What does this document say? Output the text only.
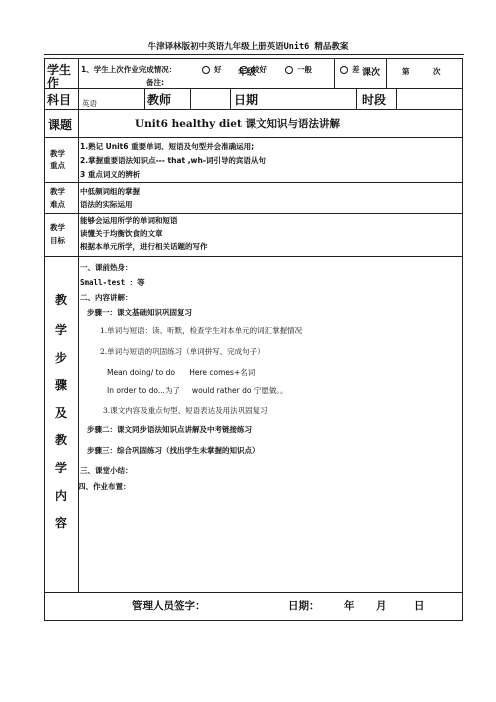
牛津译林版初中英语九年级上册英语Unit6 精品教案
学生
作
1、学生上次作业完成情况：
备注:
好	较好	一般	差
年级	课次	第	次
科目 英语	教师	日期	时段
课题	Unit6 healthy diet 课文知识与语法讲解
教学
重点
1.熟记 Unit6 重要单词、短语及句型并会准确运用;
2.掌握重要语法知识点--- that ,wh-词引导的宾语从句
3 重点词义的辨析
教学
难点
中低频词组的掌握
语法的实际运用
教学
目标
能够会运用所学的单词和短语
读懂关于均衡饮食的文章
根据本单元所学，进行相关话题的写作
教
学
步
骤
及
教
学
内
容
一、课前热身：
Small-test ：等
二、内容讲解：
步骤一：课文基础知识巩固复习
1.单词与短语：读、听默，检查学生对本单元的词汇掌握情况
2.单词与短语的巩固练习（单词拼写、完成句子）
Mean doing/ to do      Here comes+名词
In order to do...为了     would rather do 宁愿做。。
3.课文内容及重点句型、短语表达及用法巩固复习
步骤二：课文同步语法知识点讲解及中考链接练习
步骤三：综合巩固练习（找出学生未掌握的知识点）
三、课堂小结：
四、作业布置：
管理人员签字：	日期： 年 月	日
